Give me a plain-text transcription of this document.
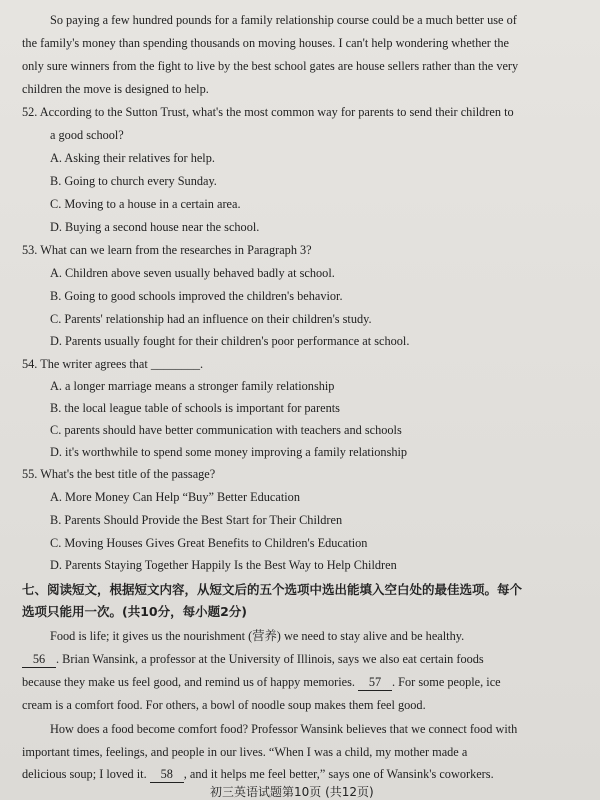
So paying a few hundred pounds for a family relationship course could be a much better use of
the family's money than spending thousands on moving houses. I can't help wondering whether the
only sure winners from the fight to live by the best school gates are house sellers rather than the very
children the move is designed to help.
52. According to the Sutton Trust, what's the most common way for parents to send their children to
a good school?
A. Asking their relatives for help.
B. Going to church every Sunday.
C. Moving to a house in a certain area.
D. Buying a second house near the school.
53. What can we learn from the researches in Paragraph 3?
A. Children above seven usually behaved badly at school.
B. Going to good schools improved the children's behavior.
C. Parents' relationship had an influence on their children's study.
D. Parents usually fought for their children's poor performance at school.
54. The writer agrees that ________.
A. a longer marriage means a stronger family relationship
B. the local league table of schools is important for parents
C. parents should have better communication with teachers and schools
D. it's worthwhile to spend some money improving a family relationship
55. What's the best title of the passage?
A. More Money Can Help “Buy” Better Education
B. Parents Should Provide the Best Start for Their Children
C. Moving Houses Gives Great Benefits to Children's Education
D. Parents Staying Together Happily Is the Best Way to Help Children
七、阅读短文，根据短文内容，从短文后的五个选项中选出能填入空白处的最佳选项。每个
选项只能用一次。(共10分，每小题2分)
Food is life; it gives us the nourishment (营养) we need to stay alive and be healthy.
56 . Brian Wansink, a professor at the University of Illinois, says we also eat certain foods
because they make us feel good, and remind us of happy memories. 57 . For some people, ice
cream is a comfort food. For others, a bowl of noodle soup makes them feel good.
How does a food become comfort food? Professor Wansink believes that we connect food with
important times, feelings, and people in our lives. “When I was a child, my mother made a
delicious soup; I loved it. 58 , and it helps me feel better,” says one of Wansink's coworkers.
初三英语试题第10页 (共12页)
